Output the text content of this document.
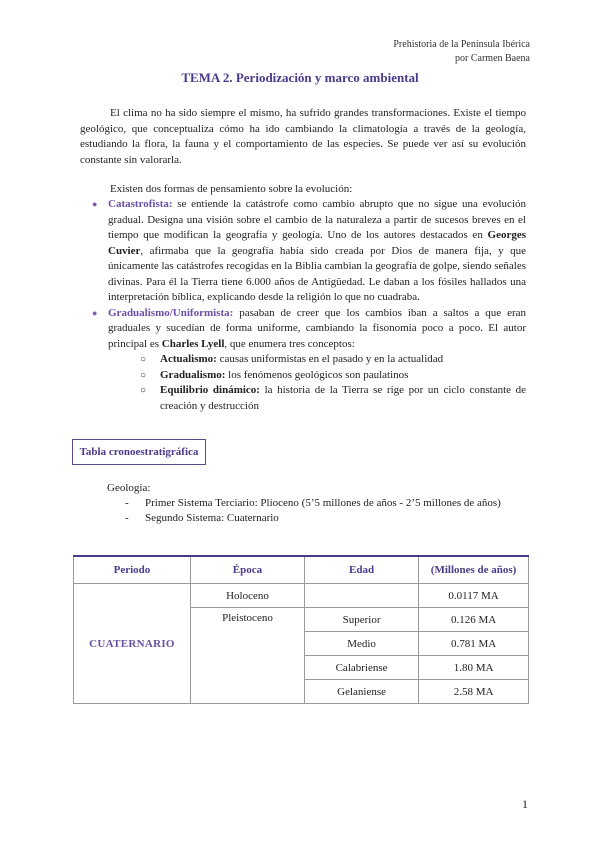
Prehistoria de la Península Ibérica
por Carmen Baena
TEMA 2. Periodización y marco ambiental

El clima no ha sido siempre el mismo, ha sufrido grandes transformaciones. Existe el tiempo geológico, que conceptualiza cómo ha ido cambiando la climatología a través de la geología, estudiando la flora, la fauna y el comportamiento de las especies. Se puede ver así su evolución constante sin valorarla.

Existen dos formas de pensamiento sobre la evolución:

● Catastrofista: se entiende la catástrofe como cambio abrupto que no sigue una evolución gradual. Designa una visión sobre el cambio de la naturaleza a partir de sucesos breves en el tiempo que modifican la geografía y geología. Uno de los autores destacados en Georges Cuvier, afirmaba que la geografía había sido creada por Dios de manera fija, y que únicamente las catástrofes recogidas en la Biblia cambian la geografía de golpe, siendo señales divinas. Para él la Tierra tiene 6.000 años de Antigüedad. Le daban a los fósiles hallados una interpretación bíblica, explicando desde la religión lo que no cuadraba.
● Gradualismo/Uniformista: pasaban de creer que los cambios iban a saltos a que eran graduales y sucedían de forma uniforme, cambiando la fisonomía poco a poco. El autor principal es Charles Lyell, que enumera tres conceptos:
○ Actualismo: causas uniformistas en el pasado y en la actualidad
○ Gradualismo: los fenómenos geológicos son paulatinos
○ Equilibrio dinámico: la historia de la Tierra se rige por un ciclo constante de creación y destrucción
Tabla cronoestratigráfica
Geología:
- Primer Sistema Terciario: Plioceno (5’5 millones de años - 2’5 millones de años)
- Segundo Sistema: Cuaternario
Periodo	Época	Edad	(Millones de años)
CUATERNARIO	Holoceno		0.0117 MA
	Pleistoceno	Superior	0.126 MA
		Medio	0.781 MA
		Calabriense	1.80 MA
		Gelaniense	2.58 MA
1
